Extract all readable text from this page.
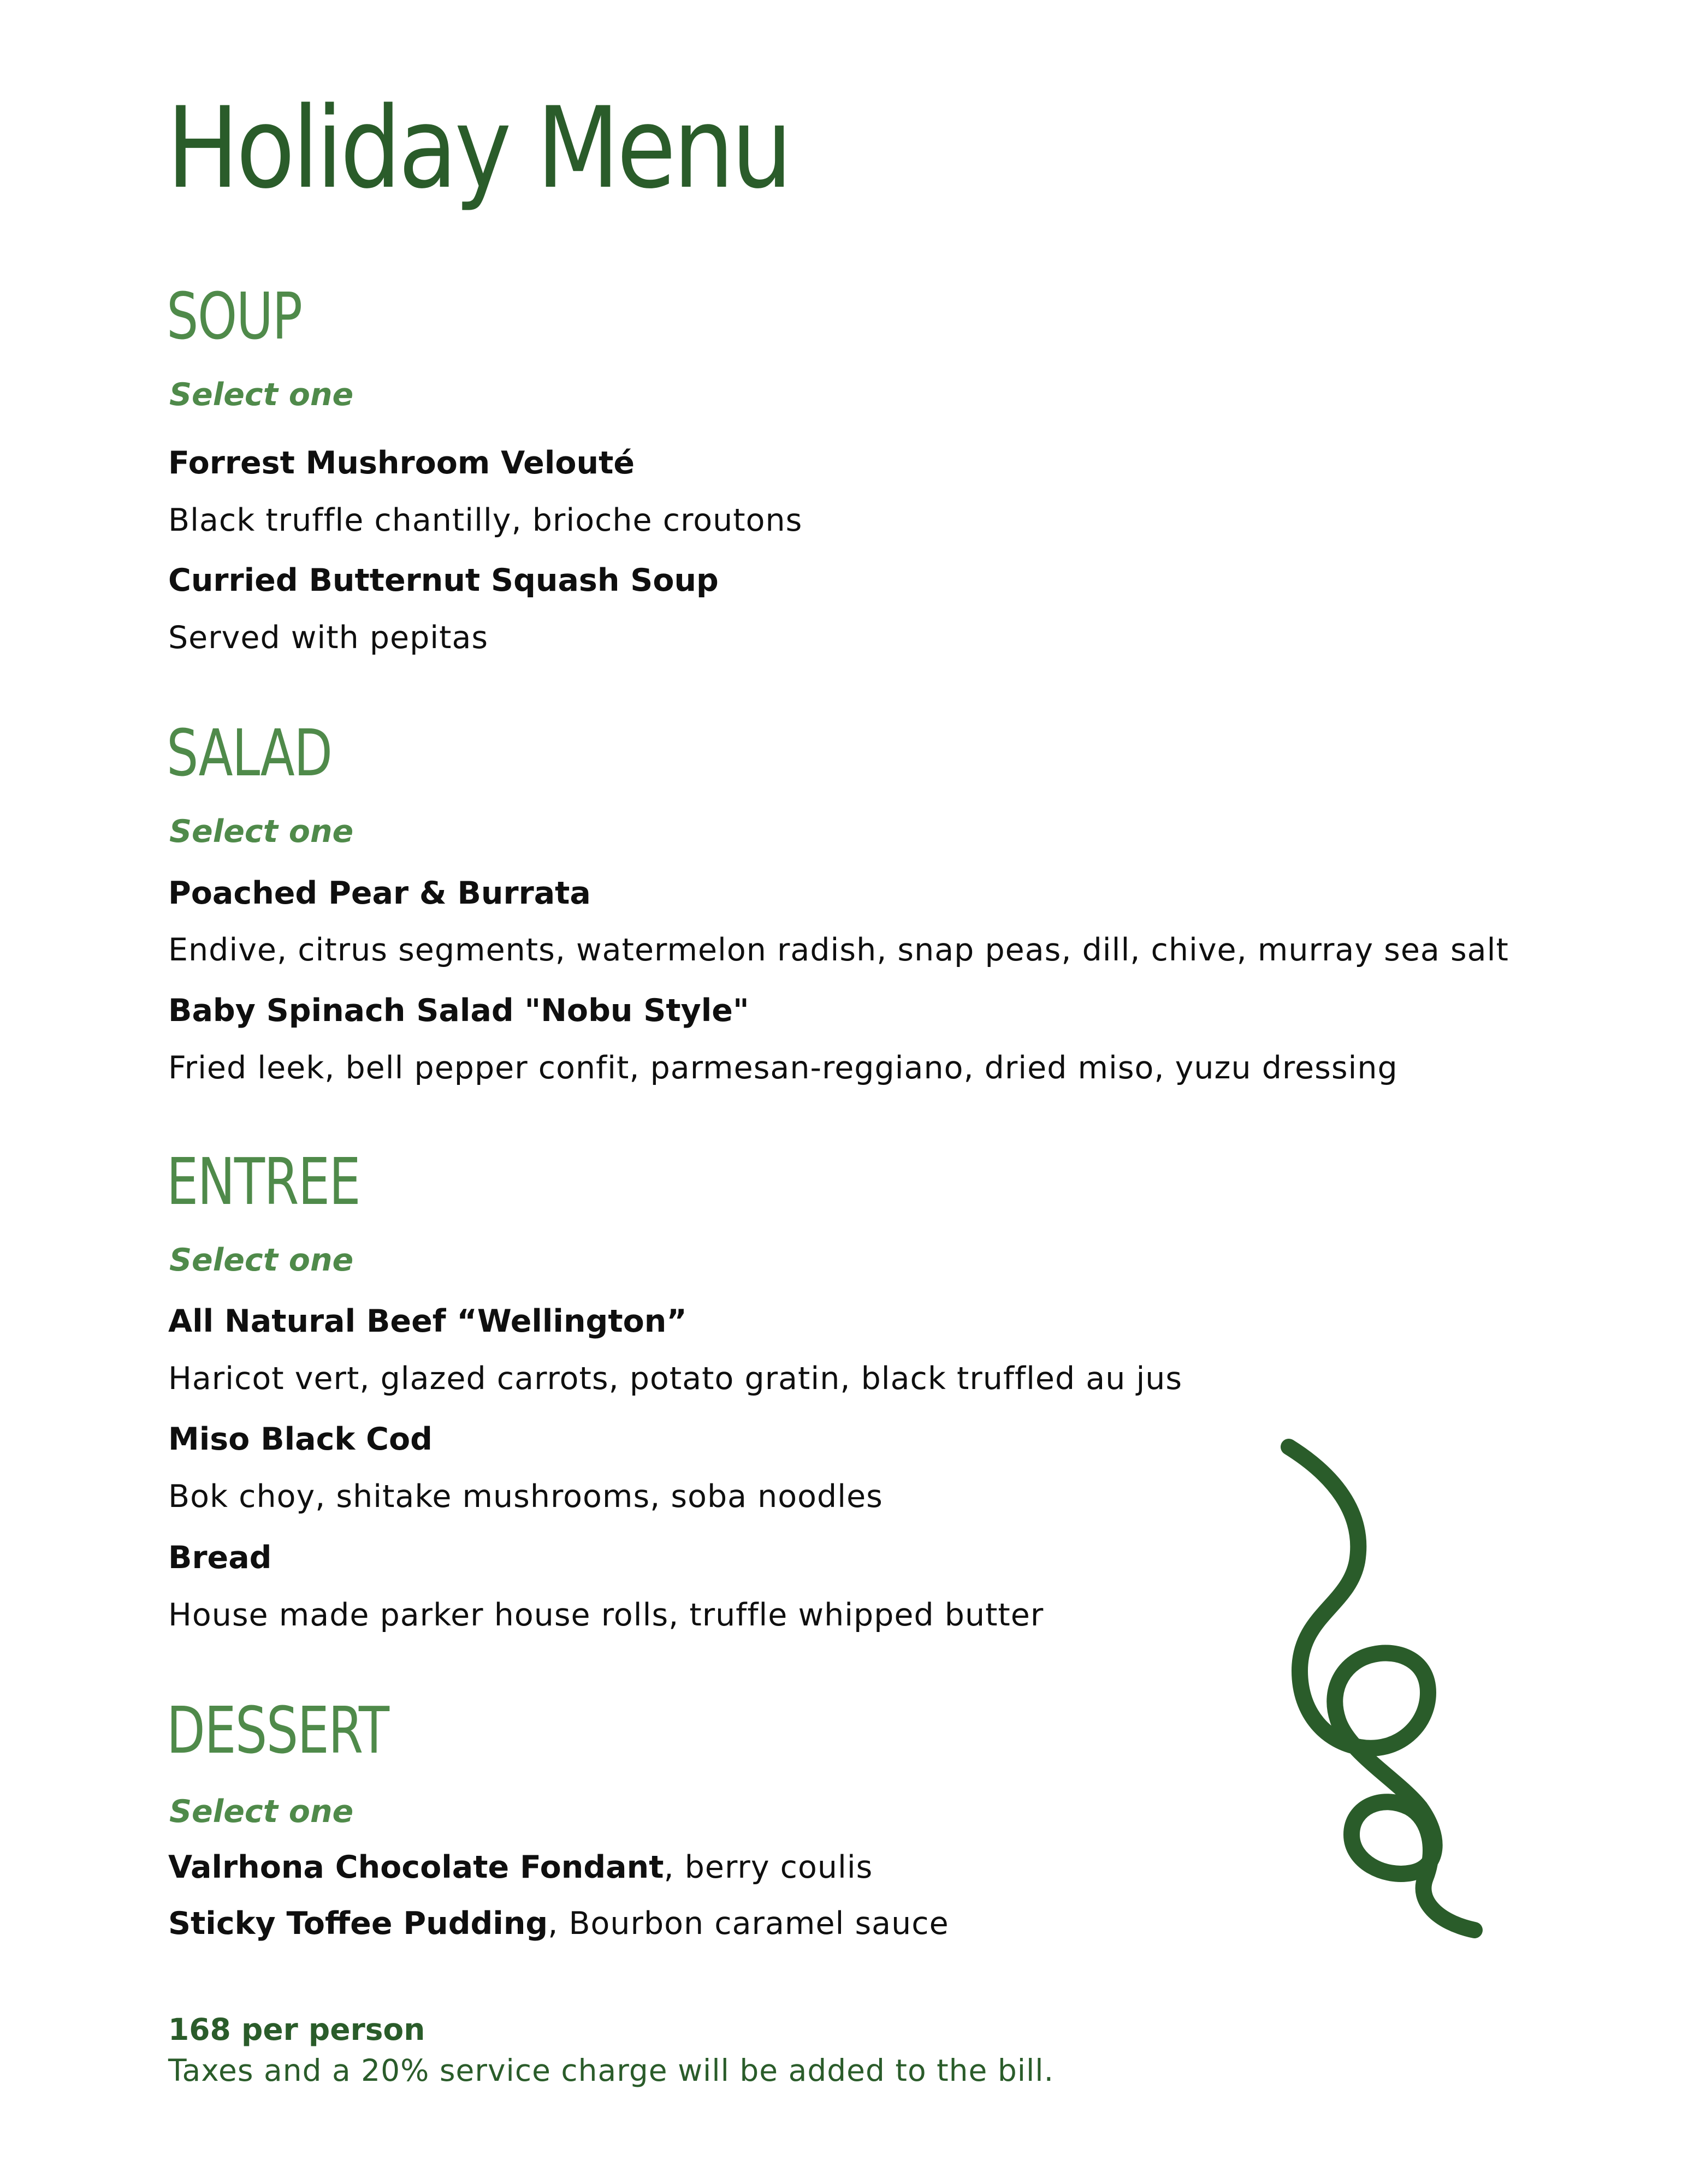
Holiday Menu
SOUP

Select one

Forrest Mushroom Velouté

Black truffle chantilly, brioche croutons

Curried Butternut Squash Soup

Served with pepitas

SALAD

Select one

Poached Pear & Burrata

Endive, citrus segments, watermelon radish, snap peas, dill, chive, murray sea salt

Baby Spinach Salad "Nobu Style"

Fried leek, bell pepper confit, parmesan-reggiano, dried miso, yuzu dressing

ENTREE

Select one

All Natural Beef “Wellington”

Haricot vert, glazed carrots, potato gratin, black truffled au jus

Miso Black Cod

Bok choy, shitake mushrooms, soba noodles

Bread

House made parker house rolls, truffle whipped butter

DESSERT

Select one

Valrhona Chocolate Fondant, berry coulis

Sticky Toffee Pudding, Bourbon caramel sauce

168 per person

Taxes and a 20% service charge will be added to the bill.
